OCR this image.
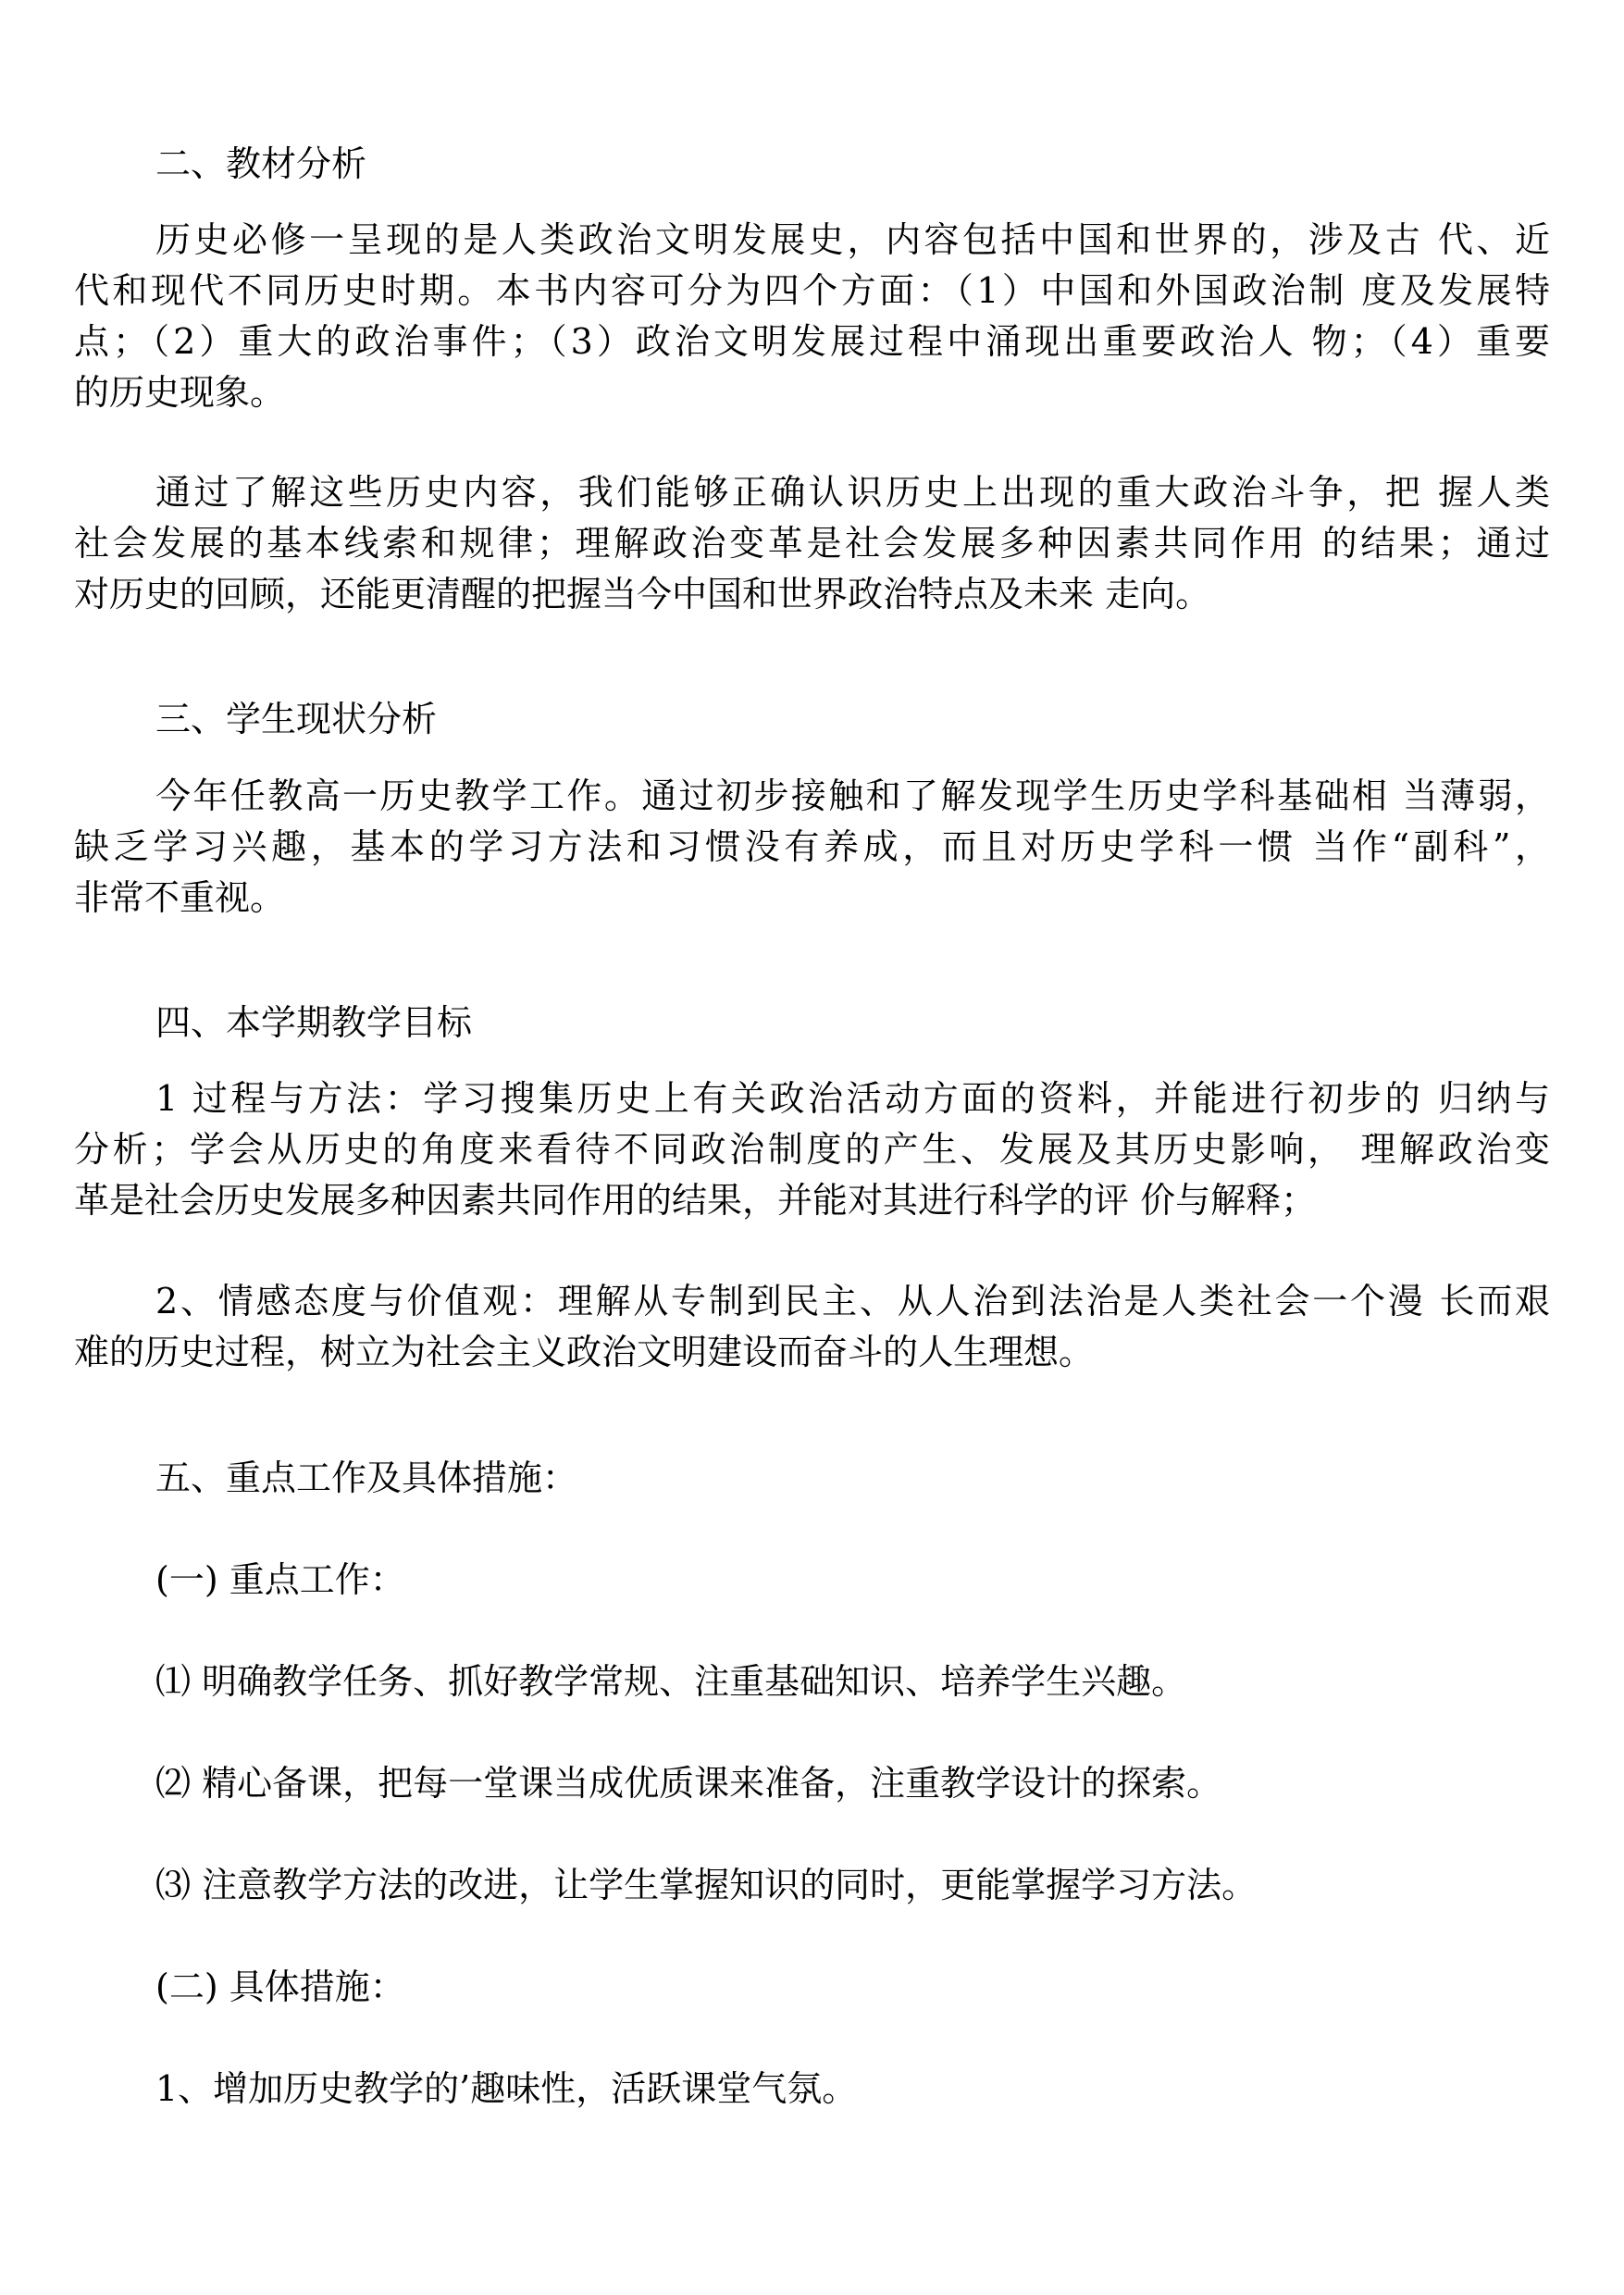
二、教材分析
历史必修一呈现的是人类政治文明发展史，内容包括中国和世界的，涉及古 代、近
代和现代不同历史时期。本书内容可分为四个方面：（1）中国和外国政治制 度及发展特
点；（2）重大的政治事件；（3）政治文明发展过程中涌现出重要政治人 物；（4）重要
的历史现象。
通过了解这些历史内容，我们能够正确认识历史上出现的重大政治斗争，把 握人类
社会发展的基本线索和规律；理解政治变革是社会发展多种因素共同作用 的结果；通过
对历史的回顾，还能更清醒的把握当今中国和世界政治特点及未来 走向。
三、学生现状分析
今年任教高一历史教学工作。通过初步接触和了解发现学生历史学科基础相 当薄弱，
缺乏学习兴趣，基本的学习方法和习惯没有养成，而且对历史学科一惯 当作“副科”，
非常不重视。
四、本学期教学目标
1 过程与方法：学习搜集历史上有关政治活动方面的资料，并能进行初步的 归纳与
分析；学会从历史的角度来看待不同政治制度的产生、发展及其历史影响， 理解政治变
革是社会历史发展多种因素共同作用的结果，并能对其进行科学的评 价与解释；
2、情感态度与价值观：理解从专制到民主、从人治到法治是人类社会一个漫 长而艰
难的历史过程，树立为社会主义政治文明建设而奋斗的人生理想。
五、重点工作及具体措施：
(一) 重点工作：
⑴ 明确教学任务、抓好教学常规、注重基础知识、培养学生兴趣。
⑵ 精心备课，把每一堂课当成优质课来准备，注重教学设计的探索。
⑶ 注意教学方法的改进，让学生掌握知识的同时，更能掌握学习方法。
(二) 具体措施：
1、增加历史教学的’趣味性，活跃课堂气氛。
